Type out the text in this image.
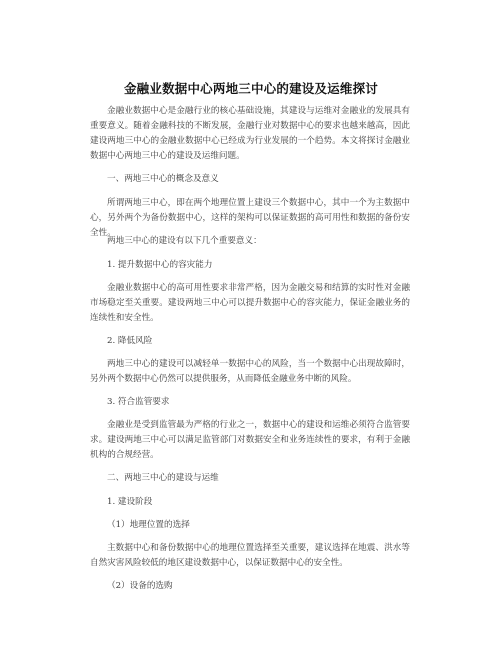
金融业数据中心两地三中心的建设及运维探讨
金融业数据中心是金融行业的核心基础设施，其建设与运维对金融业的发展具有重要意义。随着金融科技的不断发展，金融行业对数据中心的要求也越来越高，因此建设两地三中心的金融业数据中心已经成为行业发展的一个趋势。本文将探讨金融业数据中心两地三中心的建设及运维问题。
一、两地三中心的概念及意义
所谓两地三中心，即在两个地理位置上建设三个数据中心，其中一个为主数据中心，另外两个为备份数据中心，这样的架构可以保证数据的高可用性和数据的备份安全性。
两地三中心的建设有以下几个重要意义：
1. 提升数据中心的容灾能力
金融业数据中心的高可用性要求非常严格，因为金融交易和结算的实时性对金融市场稳定至关重要。建设两地三中心可以提升数据中心的容灾能力，保证金融业务的连续性和安全性。
2. 降低风险
两地三中心的建设可以减轻单一数据中心的风险，当一个数据中心出现故障时，另外两个数据中心仍然可以提供服务，从而降低金融业务中断的风险。
3. 符合监管要求
金融业是受到监管最为严格的行业之一，数据中心的建设和运维必须符合监管要求。建设两地三中心可以满足监管部门对数据安全和业务连续性的要求，有利于金融机构的合规经营。
二、两地三中心的建设与运维
1. 建设阶段
（1）地理位置的选择
主数据中心和备份数据中心的地理位置选择至关重要，建议选择在地震、洪水等自然灾害风险较低的地区建设数据中心，以保证数据中心的安全性。
（2）设备的选购
